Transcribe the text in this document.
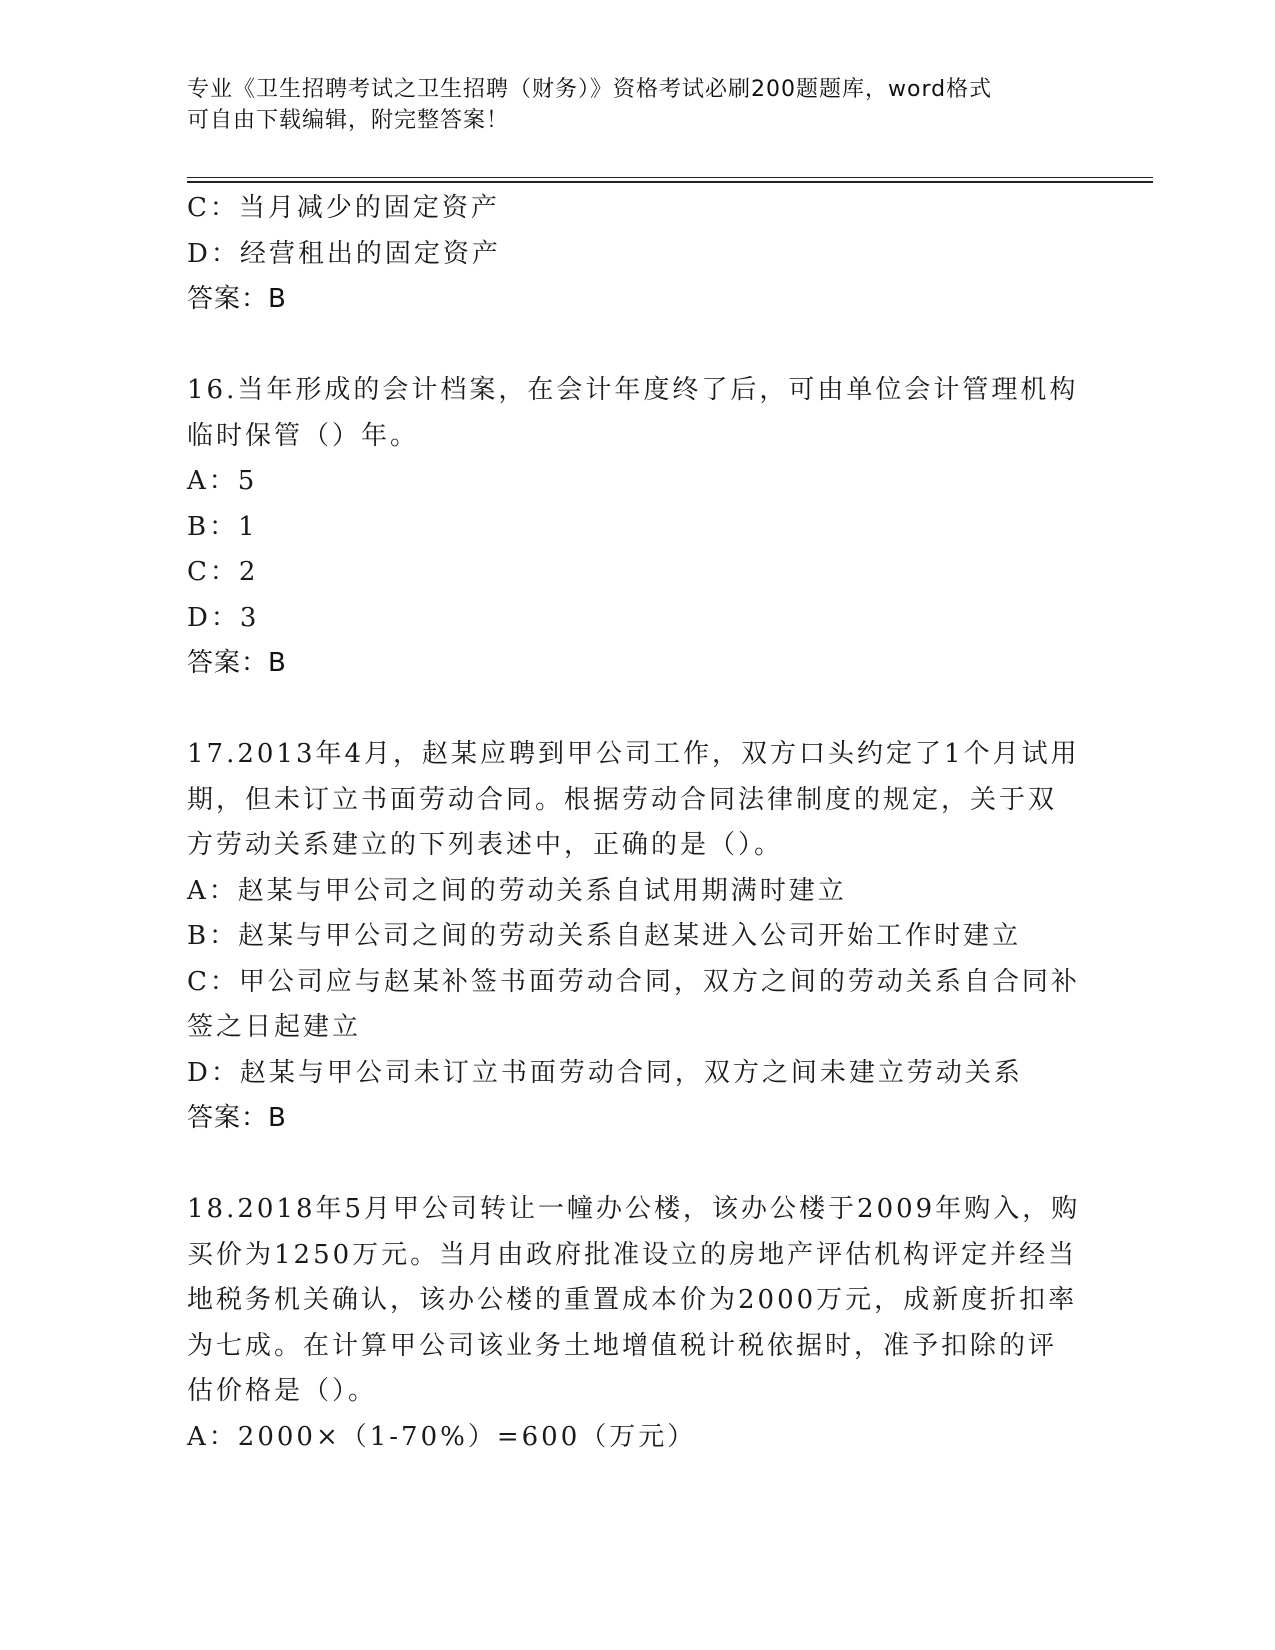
专业《卫生招聘考试之卫生招聘（财务）》资格考试必刷200题题库，word格式
可自由下载编辑，附完整答案！
C：当月减少的固定资产
D：经营租出的固定资产
答案：B
16.当年形成的会计档案，在会计年度终了后，可由单位会计管理机构
临时保管（）年。
A：5
B：1
C：2
D：3
答案：B
17.2013年4月，赵某应聘到甲公司工作，双方口头约定了1个月试用
期，但未订立书面劳动合同。根据劳动合同法律制度的规定，关于双
方劳动关系建立的下列表述中，正确的是（）。
A：赵某与甲公司之间的劳动关系自试用期满时建立
B：赵某与甲公司之间的劳动关系自赵某进入公司开始工作时建立
C：甲公司应与赵某补签书面劳动合同，双方之间的劳动关系自合同补
签之日起建立
D：赵某与甲公司未订立书面劳动合同，双方之间未建立劳动关系
答案：B
18.2018年5月甲公司转让一幢办公楼，该办公楼于2009年购入，购
买价为1250万元。当月由政府批准设立的房地产评估机构评定并经当
地税务机关确认，该办公楼的重置成本价为2000万元，成新度折扣率
为七成。在计算甲公司该业务土地增值税计税依据时，准予扣除的评
估价格是（）。
A：2000×（1-70%）=600（万元）
